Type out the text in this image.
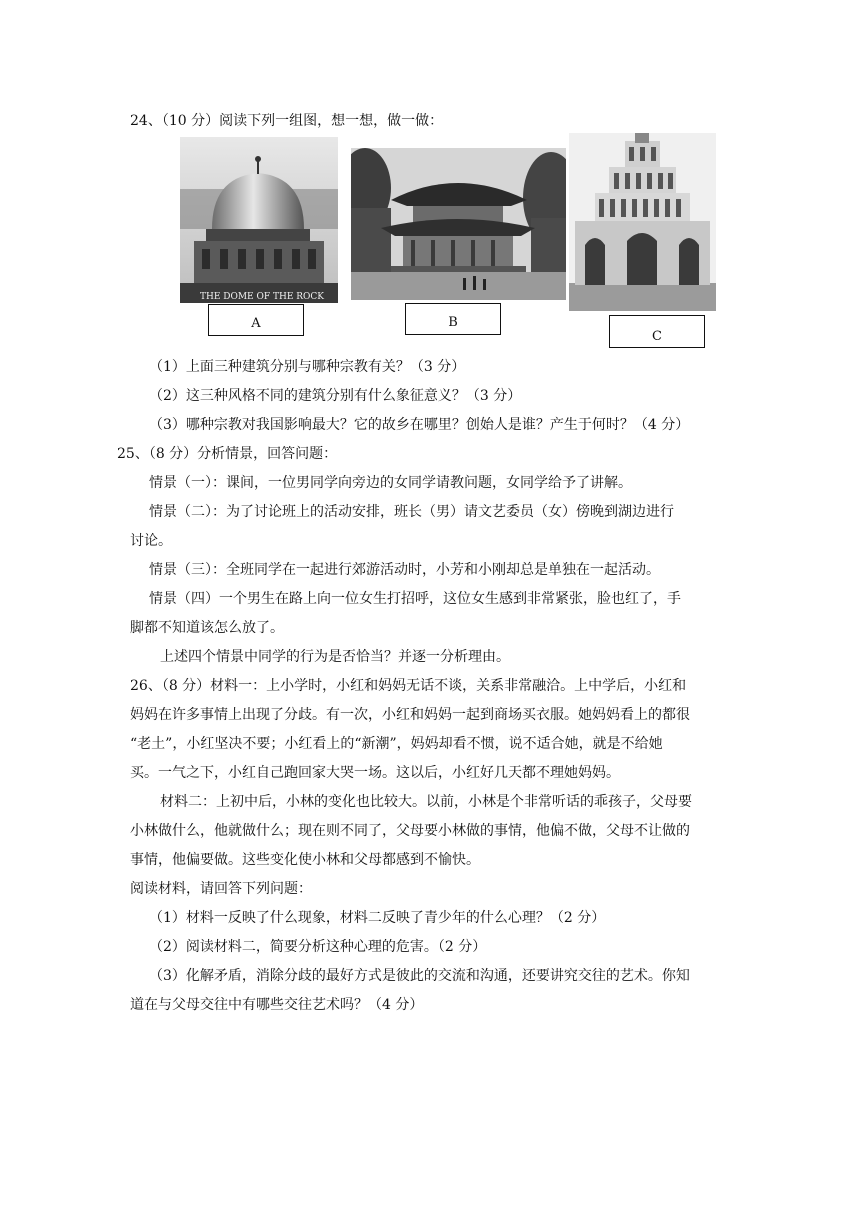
24、（10 分）阅读下列一组图，想一想，做一做：
THE DOME OF THE ROCK
A	B
C
（1）上面三种建筑分别与哪种宗教有关？（3 分）
（2）这三种风格不同的建筑分别有什么象征意义？（3 分）
（3）哪种宗教对我国影响最大？它的故乡在哪里？创始人是谁？产生于何时？（4 分）
25、（8 分）分析情景，回答问题：
情景（一）：课间，一位男同学向旁边的女同学请教问题，女同学给予了讲解。
情景（二）：为了讨论班上的活动安排，班长（男）请文艺委员（女）傍晚到湖边进行
讨论。
情景（三）：全班同学在一起进行郊游活动时，小芳和小刚却总是单独在一起活动。
情景（四）一个男生在路上向一位女生打招呼，这位女生感到非常紧张，脸也红了，手
脚都不知道该怎么放了。
上述四个情景中同学的行为是否恰当？并逐一分析理由。
26、（8 分）材料一：上小学时，小红和妈妈无话不谈，关系非常融洽。上中学后，小红和
妈妈在许多事情上出现了分歧。有一次，小红和妈妈一起到商场买衣服。她妈妈看上的都很
“老土”，小红坚决不要；小红看上的“新潮”，妈妈却看不惯，说不适合她，就是不给她
买。一气之下，小红自己跑回家大哭一场。这以后，小红好几天都不理她妈妈。
材料二：上初中后，小林的变化也比较大。以前，小林是个非常听话的乖孩子，父母要
小林做什么，他就做什么；现在则不同了，父母要小林做的事情，他偏不做，父母不让做的
事情，他偏要做。这些变化使小林和父母都感到不愉快。
阅读材料，请回答下列问题：
（1）材料一反映了什么现象，材料二反映了青少年的什么心理？（2 分）
（2）阅读材料二，简要分析这种心理的危害。（2 分）
（3）化解矛盾，消除分歧的最好方式是彼此的交流和沟通，还要讲究交往的艺术。你知
道在与父母交往中有哪些交往艺术吗？（4 分）
